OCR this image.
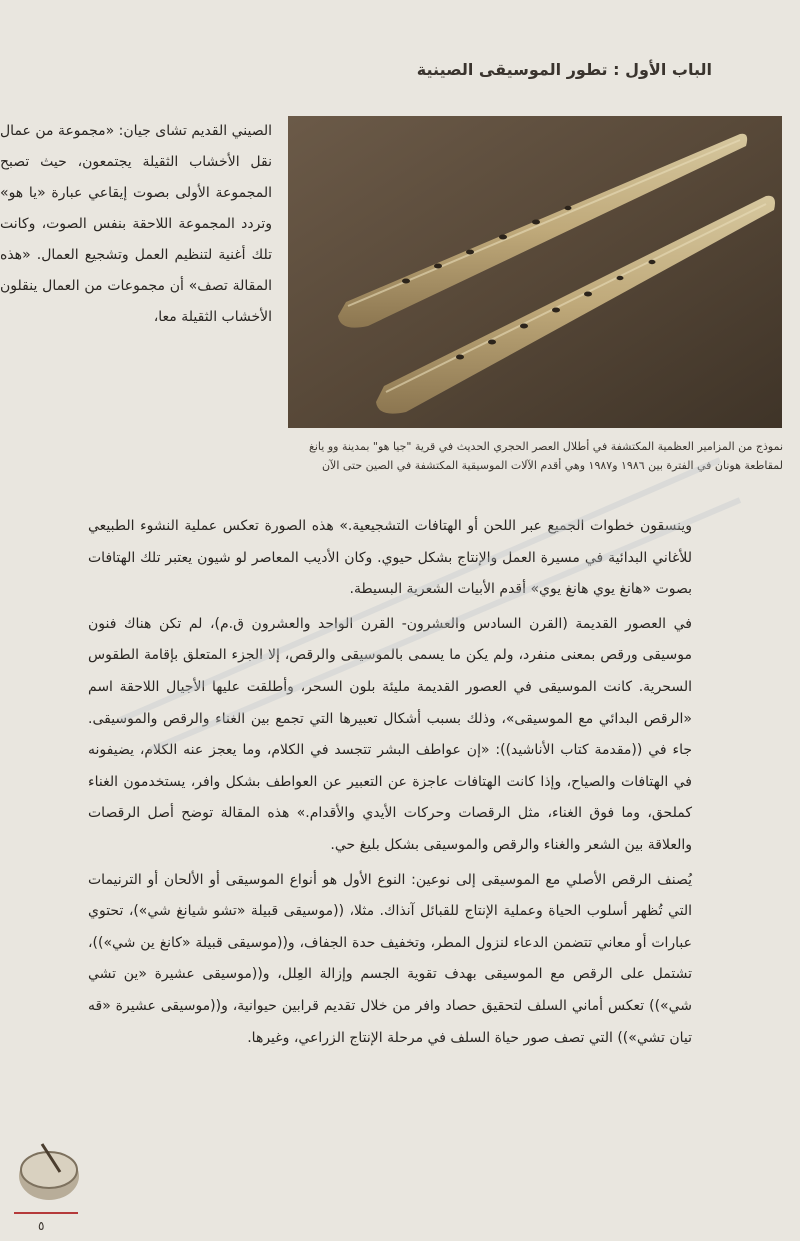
الباب الأول : تطور الموسيقى الصينية
نموذج من المزامير العظمية المكتشفة في أطلال العصر الحجري الحديث في قرية "جيا هو" بمدينة وو يانغ لمقاطعة هونان في الفترة بين ١٩٨٦ و١٩٨٧ وهي أقدم الآلات الموسيقية المكتشفة في الصين حتى الآن

الصيني القديم تشاى جيان: «مجموعة من عمال نقل الأخشاب الثقيلة يجتمعون، حيث تصبح المجموعة الأولى بصوت إيقاعي عبارة «يا هو» وتردد المجموعة اللاحقة بنفس الصوت، وكانت تلك أغنية لتنظيم العمل وتشجيع العمال. «هذه المقالة تصف» أن مجموعات من العمال ينقلون الأخشاب الثقيلة معا،

وينسقون خطوات الجميع عبر اللحن أو الهتافات التشجيعية.» هذه الصورة تعكس عملية النشوء الطبيعي للأغاني البدائية في مسيرة العمل والإنتاج بشكل حيوي. وكان الأديب المعاصر لو شيون يعتبر تلك الهتافات بصوت «هانغ يوي هانغ يوي» أقدم الأبيات الشعرية البسيطة.

في العصور القديمة (القرن السادس والعشرون- القرن الواحد والعشرون ق.م)، لم تكن هناك فنون موسيقى ورقص بمعنى منفرد، ولم يكن ما يسمى بالموسيقى والرقص، إلا الجزء المتعلق بإقامة الطقوس السحرية. كانت الموسيقى في العصور القديمة مليئة بلون السحر، وأطلقت عليها الأجيال اللاحقة اسم «الرقص البدائي مع الموسيقى»، وذلك بسبب أشكال تعبيرها التي تجمع بين الغناء والرقص والموسيقى. جاء في ((مقدمة كتاب الأناشيد)): «إن عواطف البشر تتجسد في الكلام، وما يعجز عنه الكلام، يضيفونه في الهتافات والصياح، وإذا كانت الهتافات عاجزة عن التعبير عن العواطف بشكل وافر، يستخدمون الغناء كملحق، وما فوق الغناء، مثل الرقصات وحركات الأيدي والأقدام.» هذه المقالة توضح أصل الرقصات والعلاقة بين الشعر والغناء والرقص والموسيقى بشكل بليغ حي.

يُصنف الرقص الأصلي مع الموسيقى إلى نوعين: النوع الأول هو أنواع الموسيقى أو الألحان أو الترنيمات التي تُظهر أسلوب الحياة وعملية الإنتاج للقبائل آنذاك. مثلا، ((موسيقى قبيلة «تشو شيانغ شي»)، تحتوي عبارات أو معاني تتضمن الدعاء لنزول المطر، وتخفيف حدة الجفاف، و((موسيقى قبيلة «كانغ ين شي»))، تشتمل على الرقص مع الموسيقى بهدف تقوية الجسم وإزالة العِلل، و((موسيقى عشيرة «ين تشي شي»)) تعكس أماني السلف لتحقيق حصاد وافر من خلال تقديم قرابين حيوانية، و((موسيقى عشيرة «قه تيان تشي»)) التي تصف صور حياة السلف في مرحلة الإنتاج الزراعي، وغيرها.

٥
